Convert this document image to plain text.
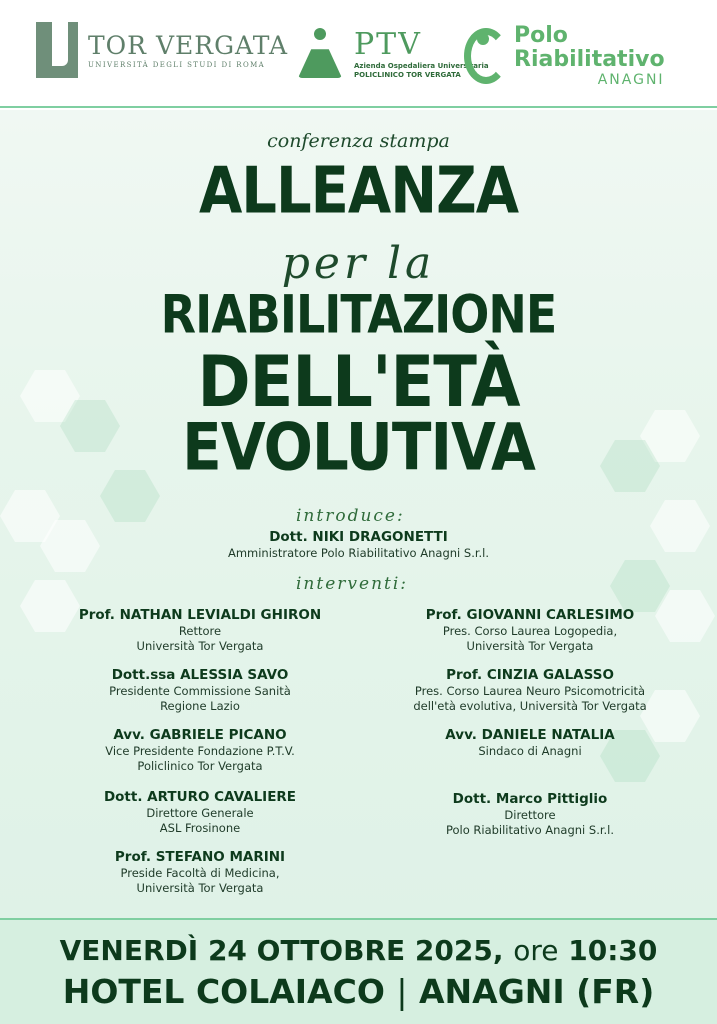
TOR VERGATA
UNIVERSITÀ DEGLI STUDI DI ROMA
PTV
Azienda Ospedaliera Universitaria
POLICLINICO TOR VERGATA
Polo
Riabilitativo
ANAGNI
conferenza stampa
ALLEANZA
per la
RIABILITAZIONE
DELL'ETÀ
EVOLUTIVA
introduce:
Dott. NIKI DRAGONETTI
Amministratore Polo Riabilitativo Anagni S.r.l.
interventi:
Prof. NATHAN LEVIALDI GHIRON
Rettore
Università Tor Vergata
Dott.ssa ALESSIA SAVO
Presidente Commissione Sanità
Regione Lazio
Avv. GABRIELE PICANO
Vice Presidente Fondazione P.T.V.
Policlinico Tor Vergata
Dott. ARTURO CAVALIERE
Direttore Generale
ASL Frosinone
Prof. STEFANO MARINI
Preside Facoltà di Medicina,
Università Tor Vergata
Prof. GIOVANNI CARLESIMO
Pres. Corso Laurea Logopedia,
Università Tor Vergata
Prof. CINZIA GALASSO
Pres. Corso Laurea Neuro Psicomotricità
dell'età evolutiva, Università Tor Vergata
Avv. DANIELE NATALIA
Sindaco di Anagni
Dott. Marco Pittiglio
Direttore
Polo Riabilitativo Anagni S.r.l.
VENERDÌ 24 OTTOBRE 2025, ore 10:30
HOTEL COLAIACO | ANAGNI (FR)
